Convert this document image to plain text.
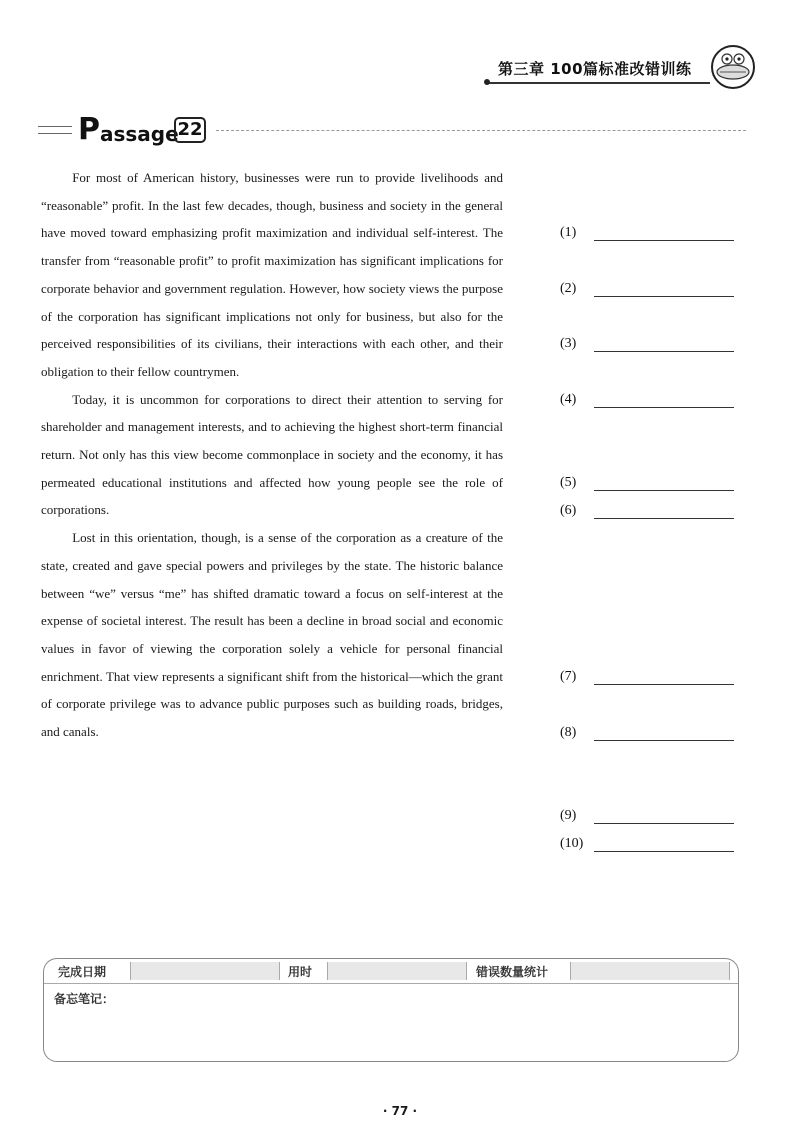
第三章 100篇标准改错训练
P assage
22

For most of American history, businesses were run to provide livelihoods and “reasonable” profit. In the last few decades, though, business and society in the general have moved toward emphasizing profit maximization and individual self-interest. The transfer from “reasonable profit” to profit maximization has significant implications for corporate behavior and government regulation. However, how society views the purpose of the corporation has significant implications not only for business, but also for the perceived responsibilities of its civilians, their interactions with each other, and their obligation to their fellow countrymen.

Today, it is uncommon for corporations to direct their attention to serving for shareholder and management interests, and to achieving the highest short-term financial return. Not only has this view become commonplace in society and the economy, it has permeated educational institutions and affected how young people see the role of corporations.

Lost in this orientation, though, is a sense of the corporation as a creature of the state, created and gave special powers and privileges by the state. The historic balance between “we” versus “me” has shifted dramatic toward a focus on self-interest at the expense of societal interest. The result has been a decline in broad social and economic values in favor of viewing the corporation solely a vehicle for personal financial enrichment. That view represents a significant shift from the historical—which the grant of corporate privilege was to advance public purposes such as building roads, bridges, and canals.

(1)
(2)
(3)
(4)
(5)
(6)
(7)
(8)
(9)
(10)
完成日期	用时	错误数量统计
备忘笔记：
· 77 ·
